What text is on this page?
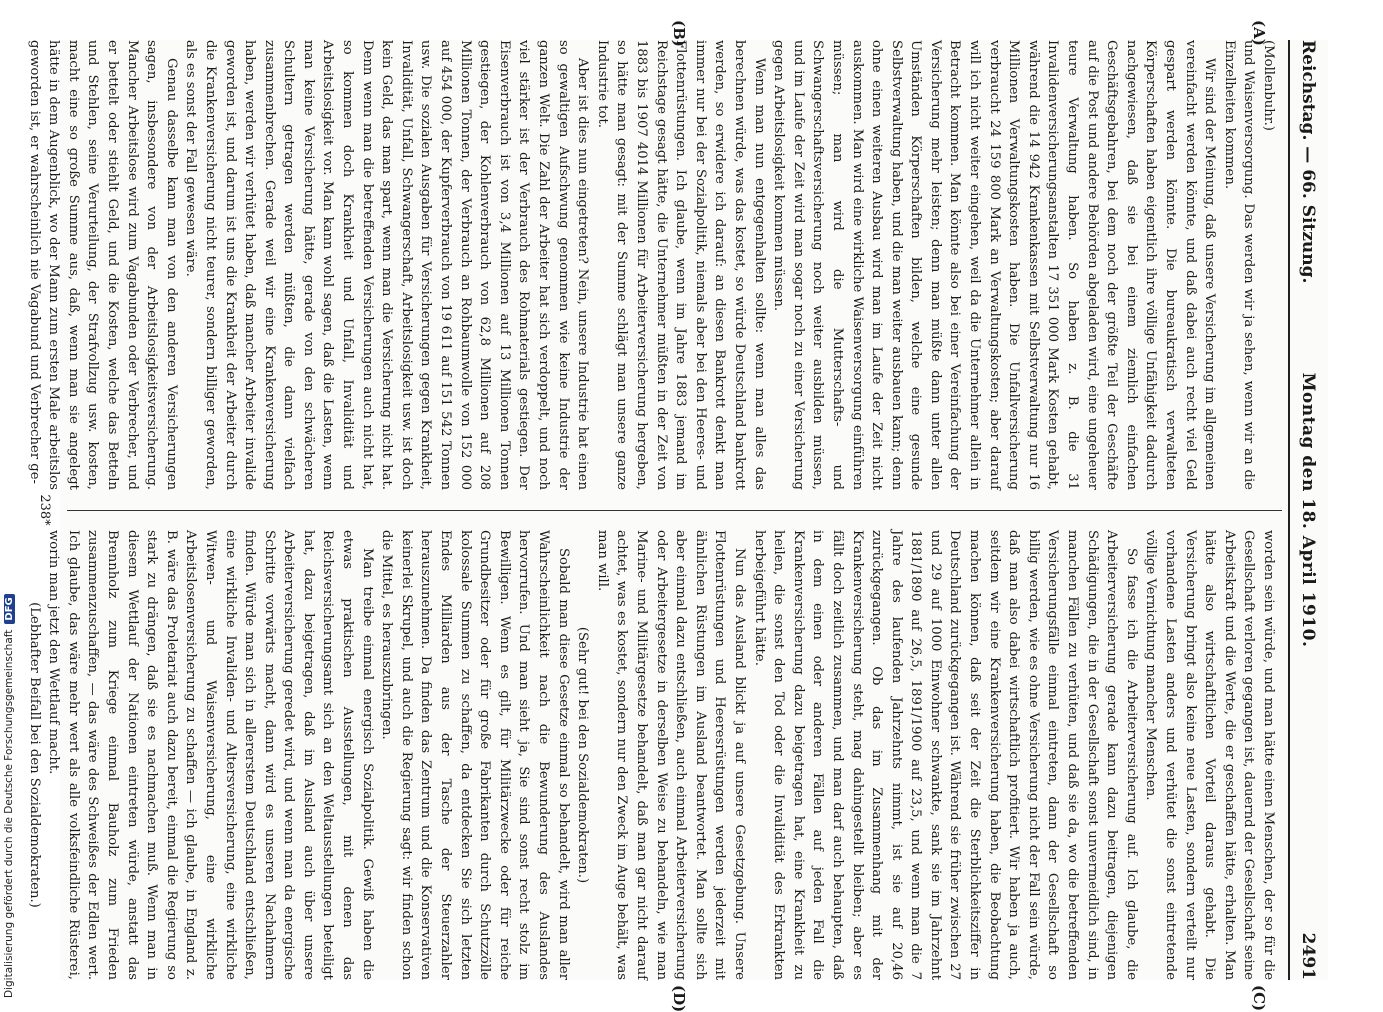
Reichstag. — 66. Sitzung.
Montag den 18. April 1910.
2491
(A)
(B)
(C)
(D)

(Mollenbuhr.)

und Waisenversorgung. Das werden wir ja sehen, wenn wir an die Einzelheiten kommen.

Wir sind der Meinung, daß unsere Versicherung im allgemeinen vereinfacht werden könnte, und daß dabei auch recht viel Geld gespart werden könnte. Die bureaukratisch verwalteten Körperschaften haben eigentlich ihre völlige Unfähigkeit dadurch nachgewiesen, daß sie bei einem ziemlich einfachen Geschäftsgebahren, bei dem noch der größte Teil der Geschäfte auf die Post und andere Behörden abgeladen wird, eine ungeheuer teure Verwaltung haben. So haben z. B. die 31 Invalidenversicherungsanstalten 17 351 000 Mark Kosten gehabt, während die 14 942 Krankenkassen mit Selbstverwaltung nur 16 Millionen Verwaltungskosten haben. Die Unfallversicherung verbraucht 24 159 800 Mark an Verwaltungskosten; aber darauf will ich nicht weiter eingehen, weil da die Unternehmer allein in Betracht kommen. Man könnte also bei einer Vereinfachung der Versicherung mehr leisten; denn man müßte dann unter allen Umständen Körperschaften bilden, welche eine gesunde Selbstverwaltung haben, und die man weiter ausbauen kann; denn ohne einen weiteren Ausbau wird man im Laufe der Zeit nicht auskommen. Man wird eine wirkliche Waisenversorgung einführen müssen; man wird die Mutterschafts- und Schwangerschaftsversicherung noch weiter ausbilden müssen, und im Laufe der Zeit wird man sogar noch zu einer Versicherung gegen Arbeitslosigkeit kommen müssen.

Wenn man nun entgegenhalten sollte: wenn man alles das berechnen würde, was das kostet, so würde Deutschland bankrott werden, so erwidere ich darauf: an diesen Bankrott denkt man immer nur bei der Sozialpolitik, niemals aber bei den Heeres- und Flottenrüstungen. Ich glaube, wenn im Jahre 1883 jemand im Reichstage gesagt hätte, die Unternehmer müßten in der Zeit von 1883 bis 1907 4014 Millionen für Arbeiterversicherung hergeben, so hätte man gesagt: mit der Summe schlägt man unsere ganze Industrie tot.

Aber ist dies nun eingetreten? Nein, unsere Industrie hat einen so gewaltigen Aufschwung genommen wie keine Industrie der ganzen Welt. Die Zahl der Arbeiter hat sich verdoppelt, und noch viel stärker ist der Verbrauch des Rohmaterials gestiegen. Der Eisenverbrauch ist von 3,4 Millionen auf 13 Millionen Tonnen gestiegen, der Kohlenverbrauch von 62,8 Millionen auf 208 Millionen Tonnen, der Verbrauch an Rohbaumwolle von 152 000 auf 454 000, der Kupferverbrauch von 19 611 auf 151 542 Tonnen usw. Die sozialen Ausgaben für Versicherungen gegen Krankheit, Invalidität, Unfall, Schwangerschaft, Arbeitslosigkeit usw. ist doch kein Geld, das man spart, wenn man die Versicherung nicht hat. Denn wenn man die betreffenden Versicherungen auch nicht hat, so kommen doch Krankheit und Unfall, Invalidität und Arbeitslosigkeit vor. Man kann wohl sagen, daß die Lasten, wenn man keine Versicherung hätte, gerade von den schwächeren Schultern getragen werden müßten, die dann vielfach zusammenbrechen. Gerade weil wir eine Krankenversicherung haben, werden wir verhütet haben, daß mancher Arbeiter invalide geworden ist, und darum ist uns die Krankheit der Arbeiter durch die Krankenversicherung nicht teurer, sondern billiger geworden, als es sonst der Fall gewesen wäre.

Genau dasselbe kann man von den anderen Versicherungen sagen, insbesondere von der Arbeitslosigkeitsversicherung. Mancher Arbeitslose wird zum Vagabunden oder Verbrecher, und er bettelt oder stiehlt Geld, und die Kosten, welche das Betteln und Stehlen, seine Verurteilung, der Strafvollzug usw. kosten, macht eine so große Summe aus, daß, wenn man sie angelegt hätte in dem Augenblick, wo der Mann zum ersten Male arbeitslos geworden ist, er wahrscheinlich nie Vagabund und Verbrecher ge-

worden sein würde, und man hätte einen Menschen, der so für die Gesellschaft verloren gegangen ist, dauernd der Gesellschaft seine Arbeitskraft und die Werte, die er geschaffen hätte, erhalten. Man hätte also wirtschaftlichen Vorteil daraus gehabt. Die Versicherung bringt also keine neue Lasten, sondern verteilt nur vorhandene Lasten anders und verhütet die sonst eintretende völlige Vernichtung mancher Menschen.

So fasse ich die Arbeiterversicherung auf. Ich glaube, die Arbeiterversicherung gerade kann dazu beitragen, diejenigen Schädigungen, die in der Gesellschaft sonst unvermeidlich sind, in manchen Fällen zu verhüten, und daß sie da, wo die betreffenden Versicherungsfälle einmal eintreten, dann der Gesellschaft so billig werden, wie es ohne Versicherung nicht der Fall sein würde, daß man also dabei wirtschaftlich profitiert. Wir haben ja auch, seitdem wir eine Krankenversicherung haben, die Beobachtung machen können, daß seit der Zeit die Sterblichkeitsziffer in Deutschland zurückgegangen ist. Während sie früher zwischen 27 und 29 auf 1000 Einwohner schwankte, sank sie im Jahrzehnt 1881/1890 auf 26,5, 1891/1900 auf 23,5, und wenn man die 7 Jahre des laufenden Jahrzehnts nimmt, ist sie auf 20,46 zurückgegangen. Ob das im Zusammenhang mit der Krankenversicherung steht, mag dahingestellt bleiben; aber es fällt doch zeitlich zusammen, und man darf auch behaupten, daß in dem einen oder anderen Fällen auf jeden Fall die Krankenversicherung dazu beigetragen hat, eine Krankheit zu heilen, die sonst den Tod oder die Invalidität des Erkrankten herbeigeführt hätte.

Nun das Ausland blickt ja auf unsere Gesetzgebung. Unsere Flottenrüstungen und Heeresrüstungen werden jederzeit mit ähnlichen Rüstungen im Ausland beantwortet. Man sollte sich aber einmal dazu entschließen, auch einmal Arbeiterversicherung oder Arbeitergesetze in derselben Weise zu behandeln, wie man Marine- und Militärgesetze behandelt, daß man gar nicht darauf achtet, was es kostet, sondern nur den Zweck im Auge behält, was man will.

(Sehr gut! bei den Sozialdemokraten.)

Sobald man diese Gesetze einmal so behandelt, wird man aller Wahrscheinlichkeit nach die Bewunderung des Auslandes hervorrufen. Und man sieht ja, Sie sind sonst recht stolz im Bewilligen. Wenn es gilt, für Militärzwecke oder für reiche Grundbesitzer oder für große Fabrikanten durch Schutzzölle kolossale Summen zu schaffen, da entdecken Sie sich letzten Endes Milliarden aus der Tasche der Steuerzahler herauszunehmen. Da finden das Zentrum und die Konservativen keinerlei Skrupel, und auch die Regierung sagt: wir finden schon die Mittel, es herauszubringen.

Man treibe einmal energisch Sozialpolitik. Gewiß haben die etwas praktischen Ausstellungen, mit denen das Reichsversicherungsamt sich an den Weltausstellungen beteiligt hat, dazu beigetragen, daß im Ausland auch über unsere Arbeiterversicherung geredet wird, und wenn man da energische Schritte vorwärts macht, dann wird es unseren Nachahmern finden. Würde man sich in allererstem Deutschland entschließen, eine wirkliche Invaliden- und Altersversicherung, eine wirkliche Witwen- und Waisenversicherung, eine wirkliche Arbeitslosenversicherung zu schaffen — ich glaube, in England z. B. wäre das Proletariat auch dazu bereit, einmal die Regierung so stark zu drängen, daß sie es nachmachen muß. Wenn man in diesem Wettlauf der Nationen eintreten würde, anstatt das Brennholz zum Kriege einmal Bauholz zum Frieden zusammenzuschaffen, — das wäre des Schweißes der Edlen wert. Ich glaube, das wäre mehr wert als alle volksfeindliche Rüsterei, worin man jetzt den Wettlauf macht.

(Lebhafter Beifall bei den Sozialdemokraten.)

238*
Digitalisierung gefördert durch die Deutsche ForschungsgemeinschaftDFG
